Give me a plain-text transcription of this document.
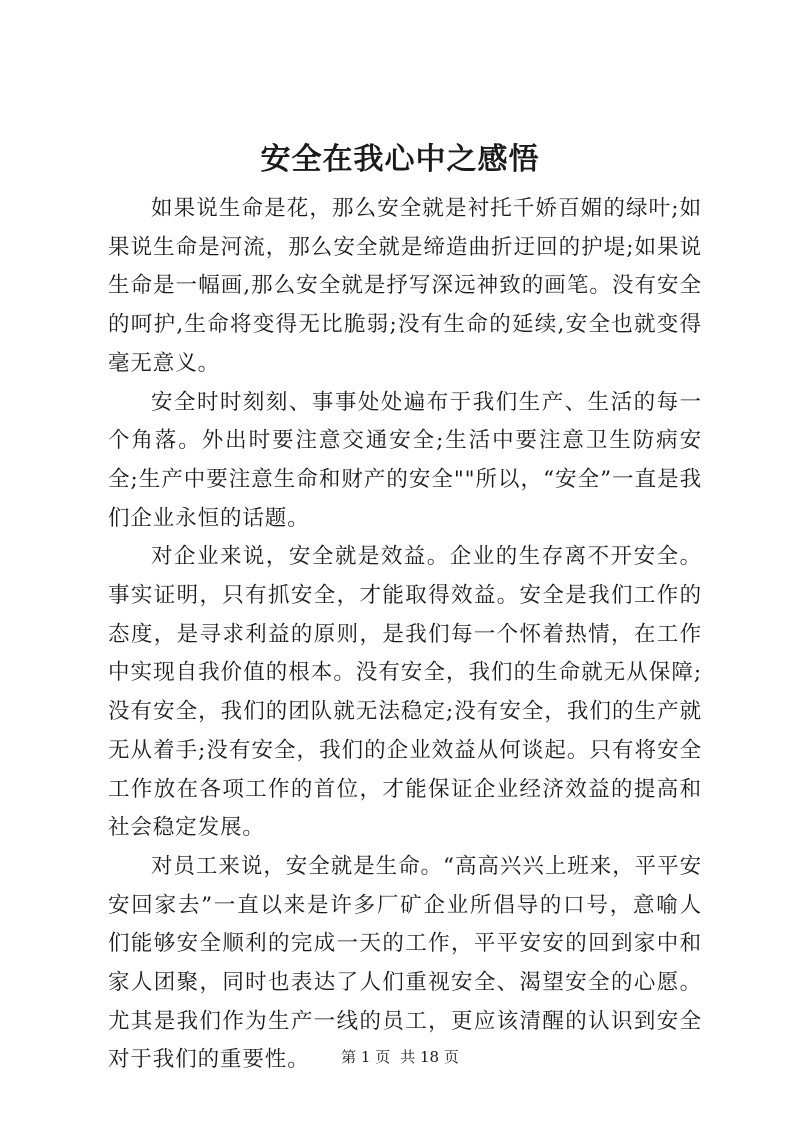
安全在我心中之感悟

如果说生命是花，那么安全就是衬托千娇百媚的绿叶;如果说生命是河流，那么安全就是缔造曲折迂回的护堤;如果说生命是一幅画,那么安全就是抒写深远神致的画笔。没有安全的呵护,生命将变得无比脆弱;没有生命的延续,安全也就变得毫无意义。

安全时时刻刻、事事处处遍布于我们生产、生活的每一个角落。外出时要注意交通安全;生活中要注意卫生防病安全;生产中要注意生命和财产的安全""所以，“安全”一直是我们企业永恒的话题。

对企业来说，安全就是效益。企业的生存离不开安全。事实证明，只有抓安全，才能取得效益。安全是我们工作的态度，是寻求利益的原则，是我们每一个怀着热情，在工作中实现自我价值的根本。没有安全，我们的生命就无从保障;没有安全，我们的团队就无法稳定;没有安全，我们的生产就无从着手;没有安全，我们的企业效益从何谈起。只有将安全工作放在各项工作的首位，才能保证企业经济效益的提高和社会稳定发展。

对员工来说，安全就是生命。“高高兴兴上班来，平平安安回家去”一直以来是许多厂矿企业所倡导的口号，意喻人们能够安全顺利的完成一天的工作，平平安安的回到家中和家人团聚，同时也表达了人们重视安全、渴望安全的心愿。尤其是我们作为生产一线的员工，更应该清醒的认识到安全对于我们的重要性。	第 1 页 共 18 页
